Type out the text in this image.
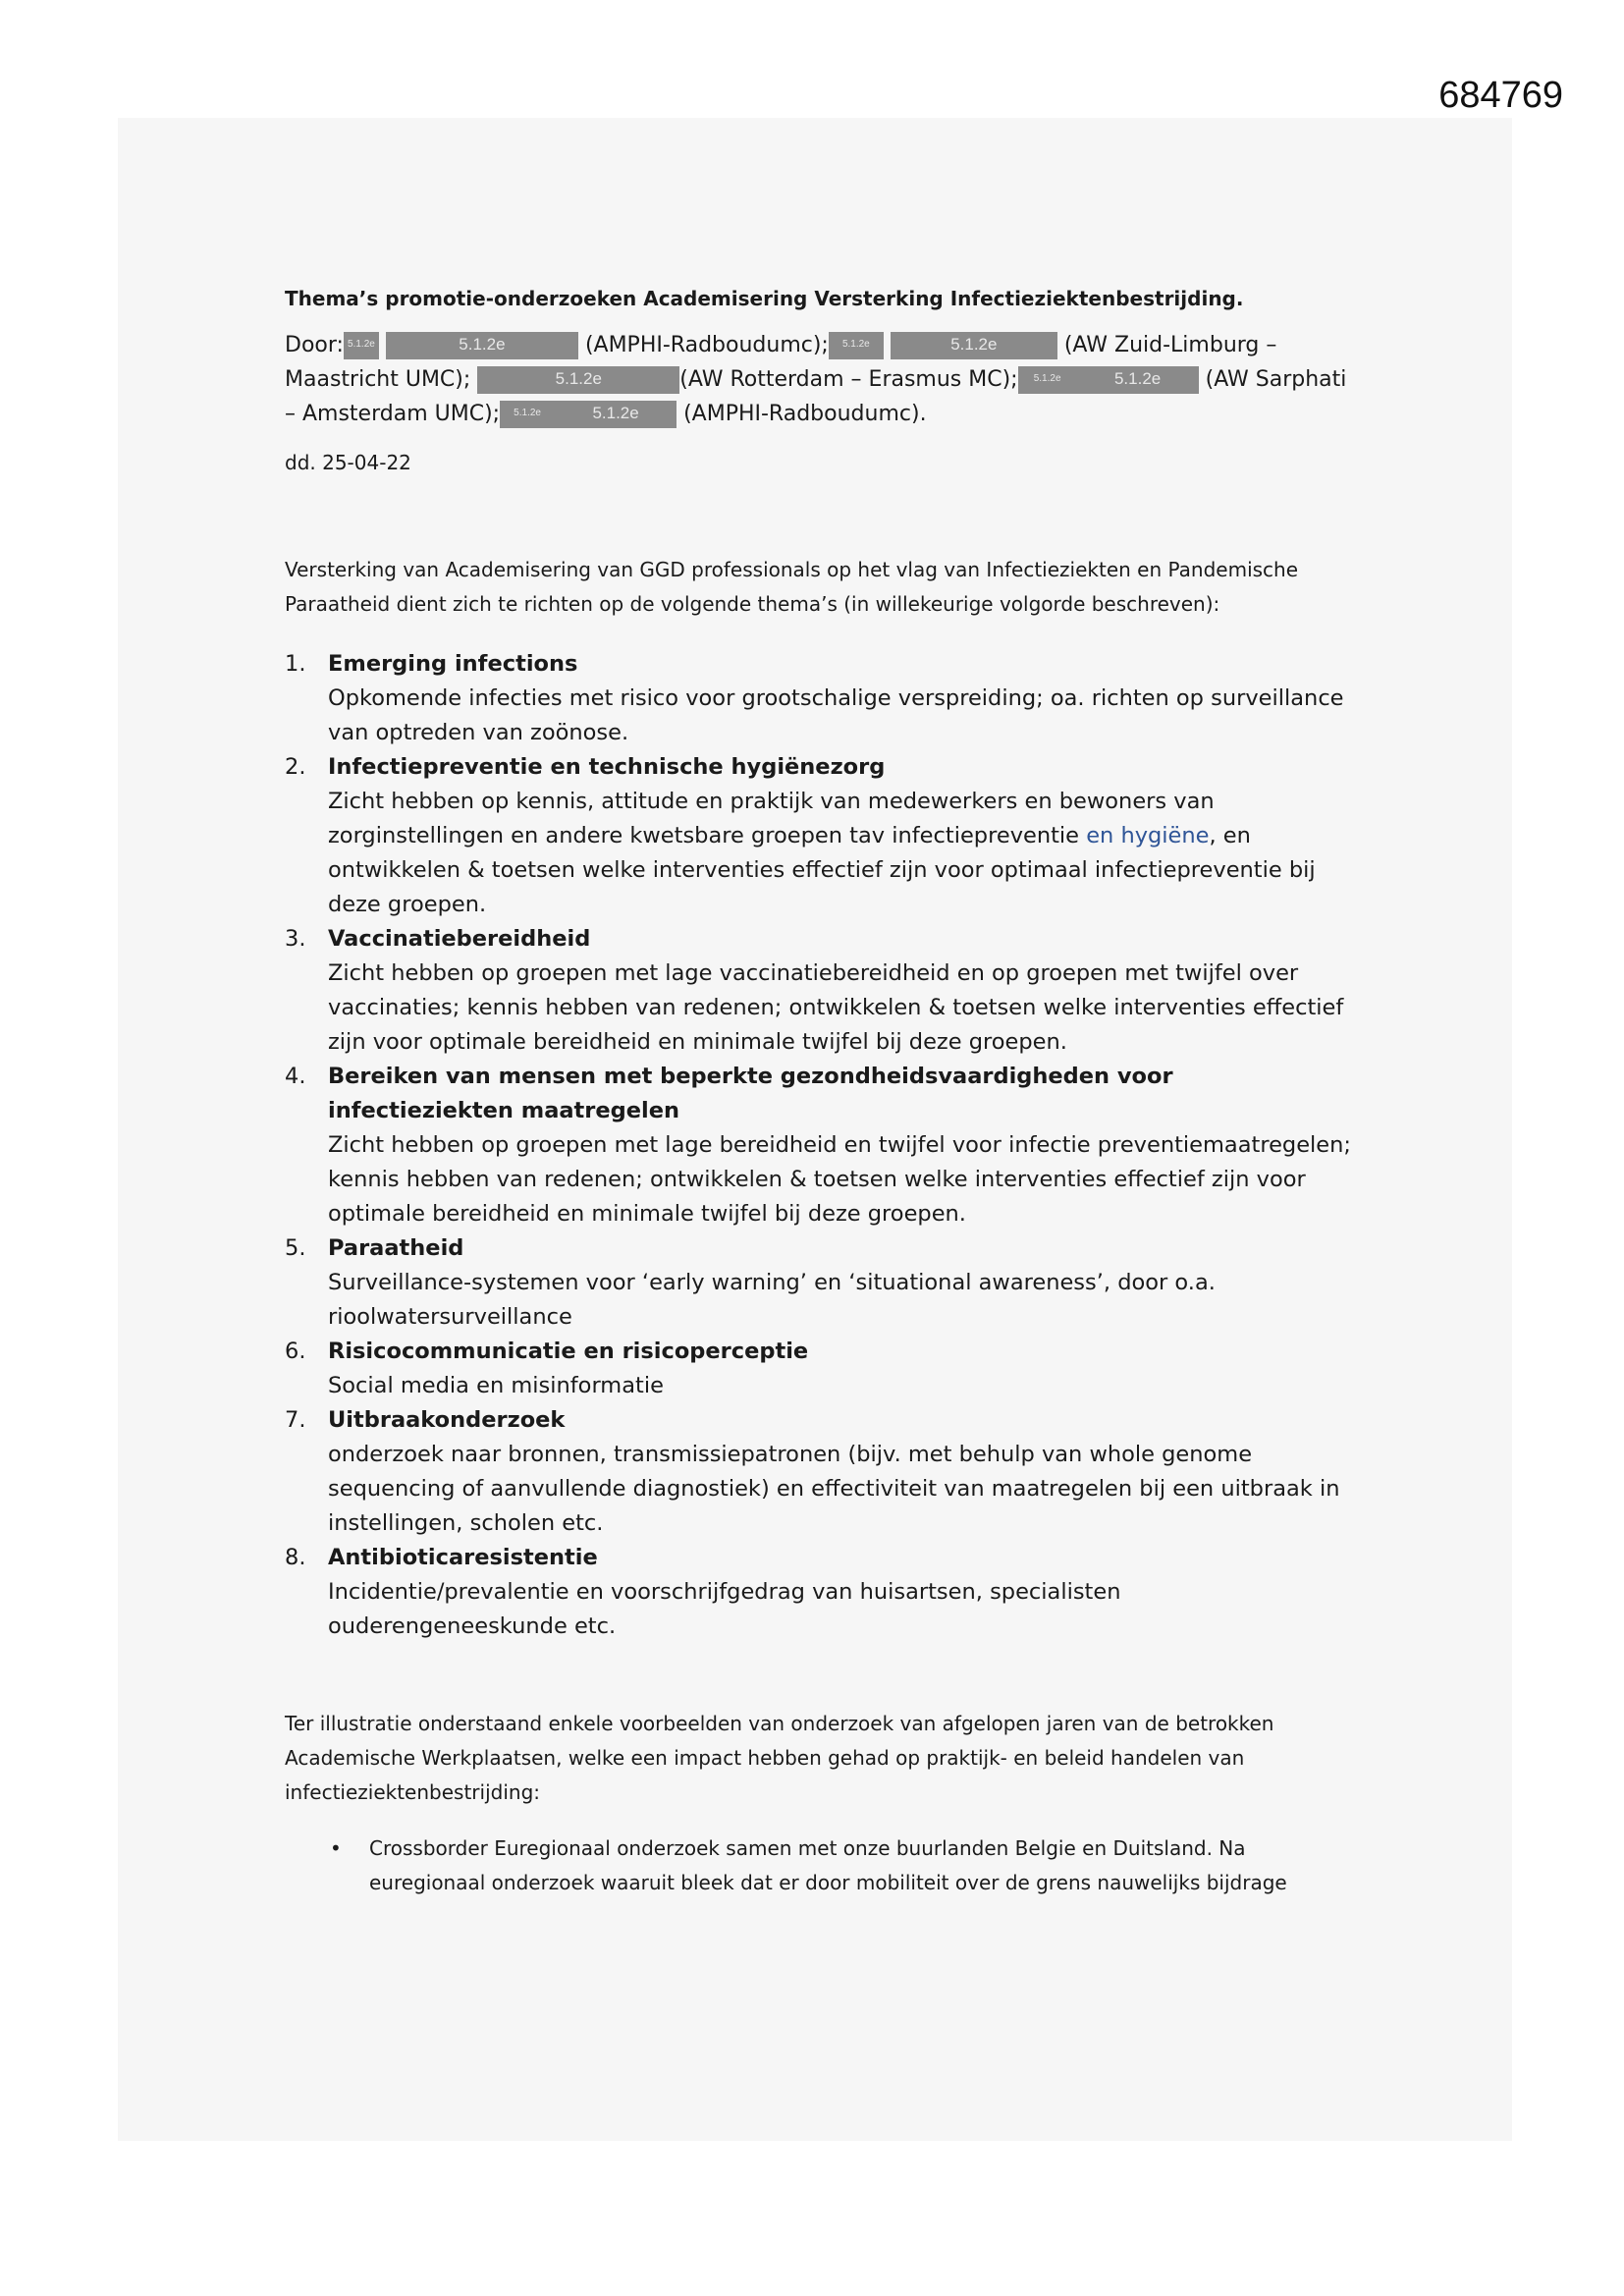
684769

Thema’s promotie-onderzoeken Academisering Versterking Infectieziektenbestrijding.

Door: 5.1.2e	5.1.2e	(AMPHI-Radboudumc); 5.1.2e	5.1.2e	(AW Zuid-Limburg –
Maastricht UMC);	5.1.2e	(AW Rotterdam – Erasmus MC); 5.1.2e	5.1.2e (AW Sarphati
– Amsterdam UMC); 5.1.2e	5.1.2e (AMPHI-Radboudumc).

dd. 25-04-22

Versterking van Academisering van GGD professionals op het vlag van Infectieziekten en Pandemische Paraatheid dient zich te richten op de volgende thema’s (in willekeurige volgorde beschreven):

1. Emerging infections
Opkomende infecties met risico voor grootschalige verspreiding; oa. richten op surveillance van optreden van zoönose.
2. Infectiepreventie en technische hygiënezorg
Zicht hebben op kennis, attitude en praktijk van medewerkers en bewoners van zorginstellingen en andere kwetsbare groepen tav infectiepreventie en hygiëne, en ontwikkelen & toetsen welke interventies effectief zijn voor optimaal infectiepreventie bij deze groepen.
3. Vaccinatiebereidheid
Zicht hebben op groepen met lage vaccinatiebereidheid en op groepen met twijfel over vaccinaties; kennis hebben van redenen; ontwikkelen & toetsen welke interventies effectief zijn voor optimale bereidheid en minimale twijfel bij deze groepen.
4. Bereiken van mensen met beperkte gezondheidsvaardigheden voor infectieziekten maatregelen
Zicht hebben op groepen met lage bereidheid en twijfel voor infectie preventiemaatregelen; kennis hebben van redenen; ontwikkelen & toetsen welke interventies effectief zijn voor optimale bereidheid en minimale twijfel bij deze groepen.
5. Paraatheid
Surveillance-systemen voor ‘early warning’ en ‘situational awareness’, door o.a. rioolwatersurveillance
6. Risicocommunicatie en risicoperceptie
Social media en misinformatie
7. Uitbraakonderzoek
onderzoek naar bronnen, transmissiepatronen (bijv. met behulp van whole genome sequencing of aanvullende diagnostiek) en effectiviteit van maatregelen bij een uitbraak in instellingen, scholen etc.
8. Antibioticaresistentie
Incidentie/prevalentie en voorschrijfgedrag van huisartsen, specialisten ouderengeneeskunde etc.

Ter illustratie onderstaand enkele voorbeelden van onderzoek van afgelopen jaren van de betrokken Academische Werkplaatsen, welke een impact hebben gehad op praktijk- en beleid handelen van infectieziektenbestrijding:

• Crossborder Euregionaal onderzoek samen met onze buurlanden Belgie en Duitsland. Na euregionaal onderzoek waaruit bleek dat er door mobiliteit over de grens nauwelijks bijdrage
